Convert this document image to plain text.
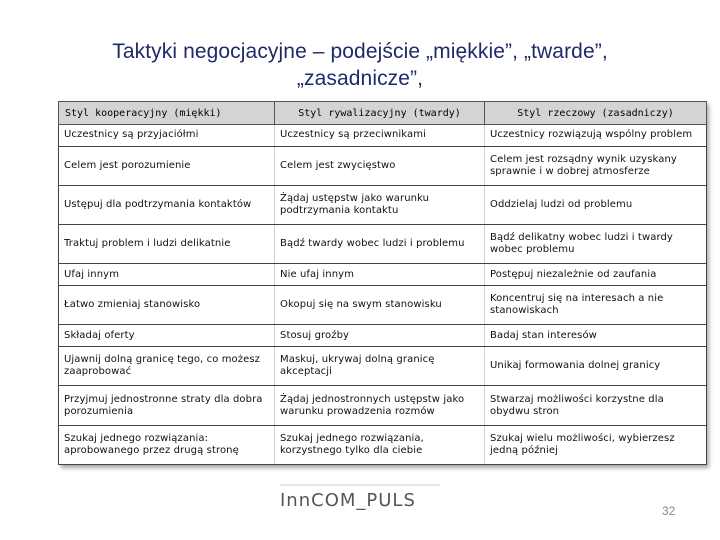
Taktyki negocjacyjne – podejście „miękkie”, „twarde”,
„zasadnicze”,
Styl kooperacyjny (miękki)	Styl rywalizacyjny (twardy)	Styl rzeczowy (zasadniczy)
Uczestnicy są przyjaciółmi	Uczestnicy są przeciwnikami	Uczestnicy rozwiązują wspólny problem
Celem jest porozumienie	Celem jest zwycięstwo	Celem jest rozsądny wynik uzyskany sprawnie i w dobrej atmosferze
Ustępuj dla podtrzymania kontaktów	Żądaj ustępstw jako warunku podtrzymania kontaktu	Oddzielaj ludzi od problemu
Traktuj problem i ludzi delikatnie	Bądź twardy wobec ludzi i problemu	Bądź delikatny wobec ludzi i twardy wobec problemu
Ufaj innym	Nie ufaj innym	Postępuj niezależnie od zaufania
Łatwo zmieniaj stanowisko	Okopuj się na swym stanowisku	Koncentruj się na interesach a nie stanowiskach
Składaj oferty	Stosuj groźby	Badaj stan interesów
Ujawnij dolną granicę tego, co możesz zaaprobować	Maskuj, ukrywaj dolną granicę akceptacji	Unikaj formowania dolnej granicy
Przyjmuj jednostronne straty dla dobra porozumienia	Żądaj jednostronnych ustępstw jako warunku prowadzenia rozmów	Stwarzaj możliwości korzystne dla obydwu stron
Szukaj jednego rozwiązania: aprobowanego przez drugą stronę	Szukaj jednego rozwiązania, korzystnego tylko dla ciebie	Szukaj wielu możliwości, wybierzesz jedną później
InnCOM_PULS	32
